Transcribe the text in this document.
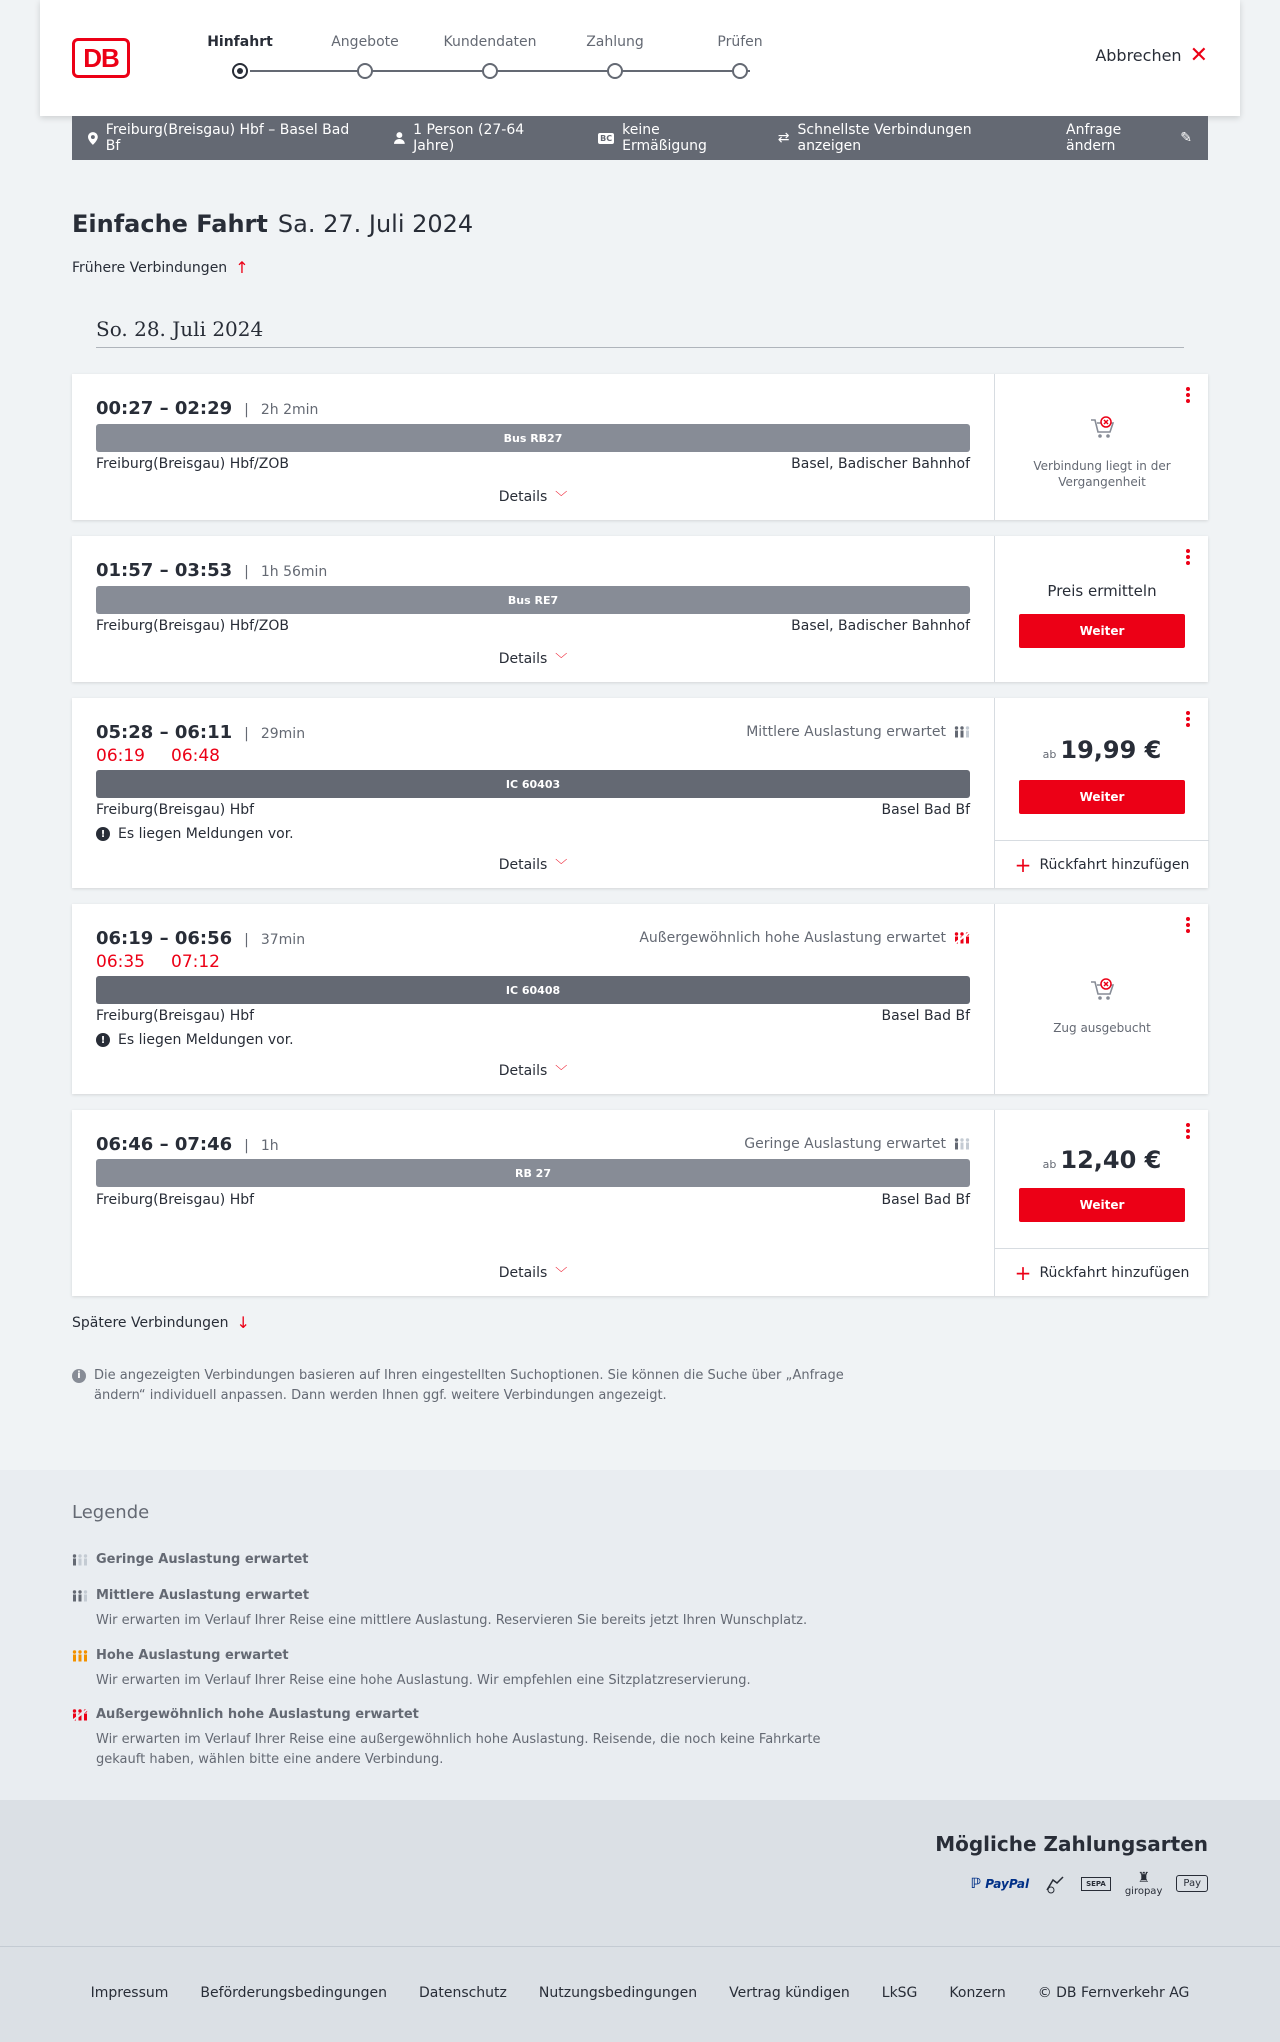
DB
Hinfahrt	Angebote	Kundendaten	Zahlung	Prüfen
Abbrechen ✕
Freiburg(Breisgau) Hbf – Basel Bad Bf
1 Person (27-64 Jahre)	BC keine Ermäßigung	⇄ Schnellste Verbindungen anzeigen
Anfrage ändern	✎
Einfache Fahrt Sa. 27. Juli 2024
Frühere Verbindungen ↑
So. 28. Juli 2024
00:27 – 02:29 | 2h 2min
Bus RB27
Freiburg(Breisgau) Hbf/ZOB	Basel, Badischer Bahnhof
Details ﹀
Verbindung liegt in der Vergangenheit
01:57 – 03:53 | 1h 56min
Bus RE7
Freiburg(Breisgau) Hbf/ZOB	Basel, Badischer Bahnhof
Details ﹀
Preis ermitteln
Weiter
05:28 – 06:11 | 29min
06:19 06:48
Mittlere Auslastung erwartet
IC 60403
Freiburg(Breisgau) Hbf	Basel Bad Bf
! Es liegen Meldungen vor.
Details ﹀
ab 19,99 €
Weiter
+ Rückfahrt hinzufügen
06:19 – 06:56 | 37min
06:35 07:12
Außergewöhnlich hohe Auslastung erwartet
IC 60408
Freiburg(Breisgau) Hbf	Basel Bad Bf
! Es liegen Meldungen vor.
Details ﹀
Zug ausgebucht
06:46 – 07:46 | 1h	Geringe Auslastung erwartet
RB 27
Freiburg(Breisgau) Hbf	Basel Bad Bf
Details ﹀
ab 12,40 €
Weiter
+ Rückfahrt hinzufügen
Spätere Verbindungen ↓
i	Die angezeigten Verbindungen basieren auf Ihren eingestellten Suchoptionen. Sie können die Suche über „Anfrage ändern“ individuell anpassen. Dann werden Ihnen ggf. weitere Verbindungen angezeigt.
Legende
Geringe Auslastung erwartet
Mittlere Auslastung erwartet
Wir erwarten im Verlauf Ihrer Reise eine mittlere Auslastung. Reservieren Sie bereits jetzt Ihren Wunschplatz.
Hohe Auslastung erwartet
Wir erwarten im Verlauf Ihrer Reise eine hohe Auslastung. Wir empfehlen eine Sitzplatzreservierung.
Außergewöhnlich hohe Auslastung erwartet
Wir erwarten im Verlauf Ihrer Reise eine außergewöhnlich hohe Auslastung. Reisende, die noch keine Fahrkarte gekauft haben, wählen bitte eine andere Verbindung.
Mögliche Zahlungsarten
ℙ PayPal	SEPA	♜
giropay
Pay
Impressum Beförderungsbedingungen Datenschutz Nutzungsbedingungen Vertrag kündigen LkSG Konzern © DB Fernverkehr AG
